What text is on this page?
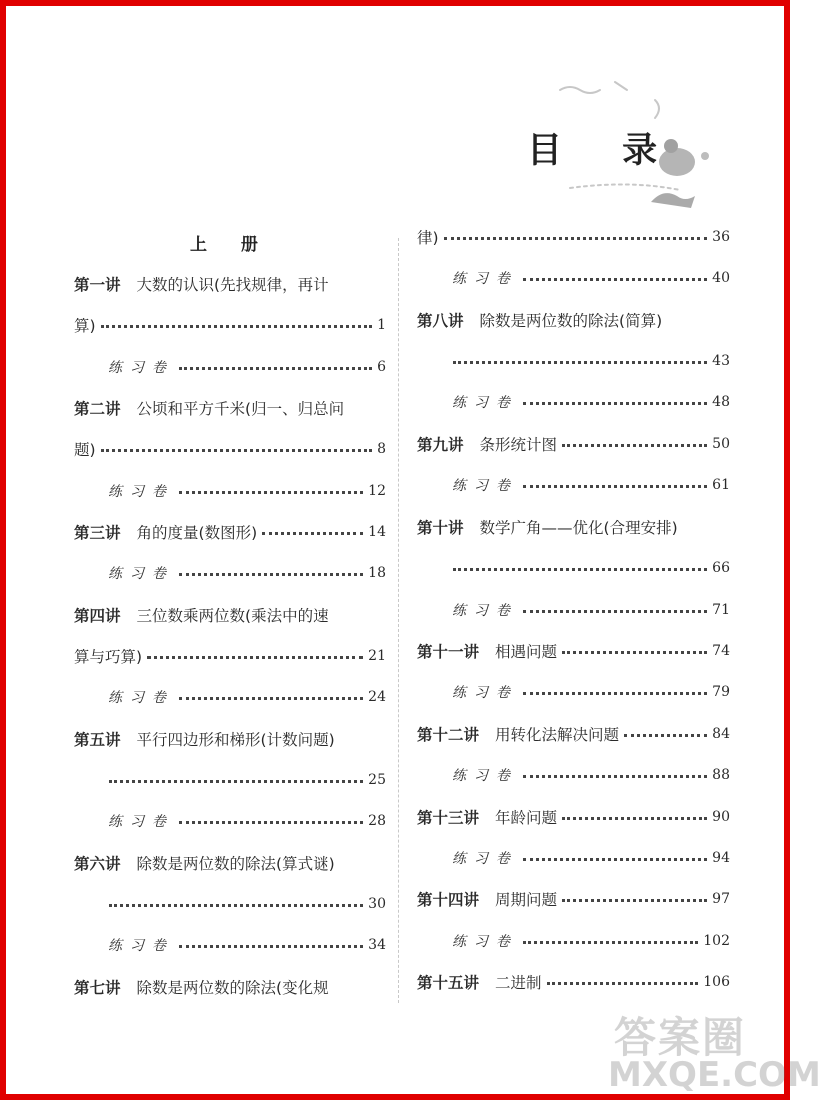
目 录
上 册
第一讲 大数的认识(先找规律，再计
算)	1
练习卷	6
第二讲 公顷和平方千米(归一、归总问
题)	8
练习卷	12
第三讲 角的度量(数图形)	14
练习卷	18
第四讲 三位数乘两位数(乘法中的速
算与巧算)	21
练习卷	24
第五讲 平行四边形和梯形(计数问题)
25
练习卷	28
第六讲 除数是两位数的除法(算式谜)
30
练习卷	34
第七讲 除数是两位数的除法(变化规
律)	36
练习卷	40
第八讲 除数是两位数的除法(简算)
43
练习卷	48
第九讲 条形统计图	50
练习卷	61
第十讲 数学广角——优化(合理安排)
66
练习卷	71
第十一讲 相遇问题	74
练习卷	79
第十二讲 用转化法解决问题	84
练习卷	88
第十三讲 年龄问题	90
练习卷	94
第十四讲 周期问题	97
练习卷	102
第十五讲 二进制	106
答案圈
MXQE.COM
